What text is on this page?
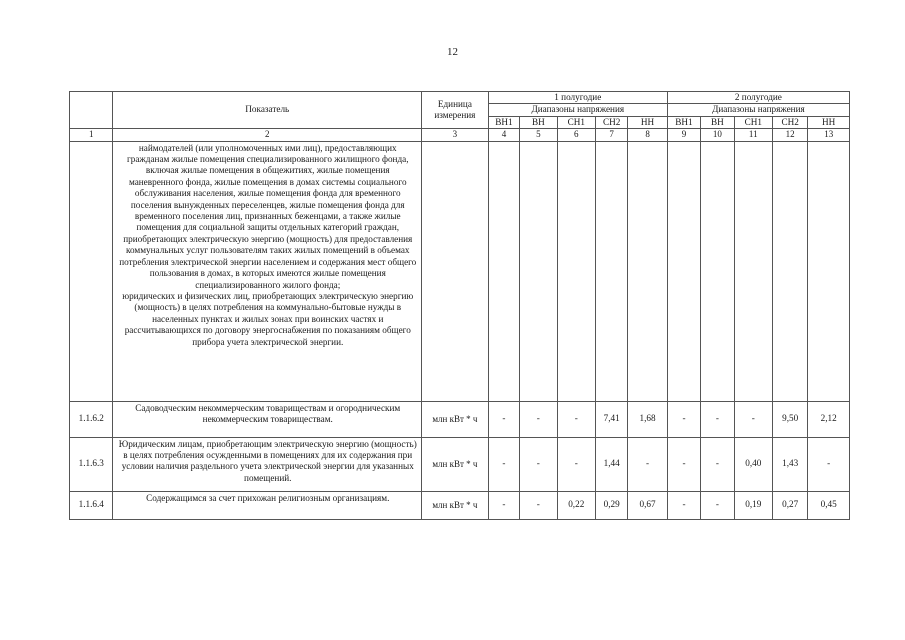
12
	Показатель	Единица измерения	1 полугодие					2 полугодие				
			Диапазоны напряжения					Диапазоны напряжения				
			ВН1	ВН	СН1	СН2	НН	ВН1	ВН	СН1	СН2	НН
1	2	3	4	5	6	7	8	9	10	11	12	13

	наймодателей (или уполномоченных ими лиц), предоставляющих гражданам жилые помещения специализированного жилищного фонда, включая жилые помещения в общежитиях, жилые помещения маневренного фонда, жилые помещения в домах системы социального обслуживания населения, жилые помещения фонда для временного поселения вынужденных переселенцев, жилые помещения фонда для временного поселения лиц, признанных беженцами, а также жилые помещения для социальной защиты отдельных категорий граждан, приобретающих электрическую энергию (мощность) для предоставления коммунальных услуг пользователям таких жилых помещений в объемах потребления электрической энергии населением и содержания мест общего пользования в домах, в которых имеются жилые помещения специализированного жилого фонда;
юридических и физических лиц, приобретающих электрическую энергию (мощность) в целях потребления на коммунально-бытовые нужды в населенных пунктах и жилых зонах при воинских частях и рассчитывающихся по договору энергоснабжения по показаниям общего прибора учета электрической энергии.											

1.1.6.2	Садоводческим некоммерческим товариществам и огородническим некоммерческим товариществам.	млн кВт * ч	-	-	-	7,41	1,68	-	-	-	9,50	2,12
1.1.6.3	Юридическим лицам, приобретающим электрическую энергию (мощность) в целях потребления осужденными в помещениях для их содержания при условии наличия раздельного учета электрической энергии для указанных помещений.	млн кВт * ч	-	-	-	1,44	-	-	-	0,40	1,43	-
1.1.6.4	Содержащимся за счет прихожан религиозным организациям.	млн кВт * ч	-	-	0,22	0,29	0,67	-	-	0,19	0,27	0,45
